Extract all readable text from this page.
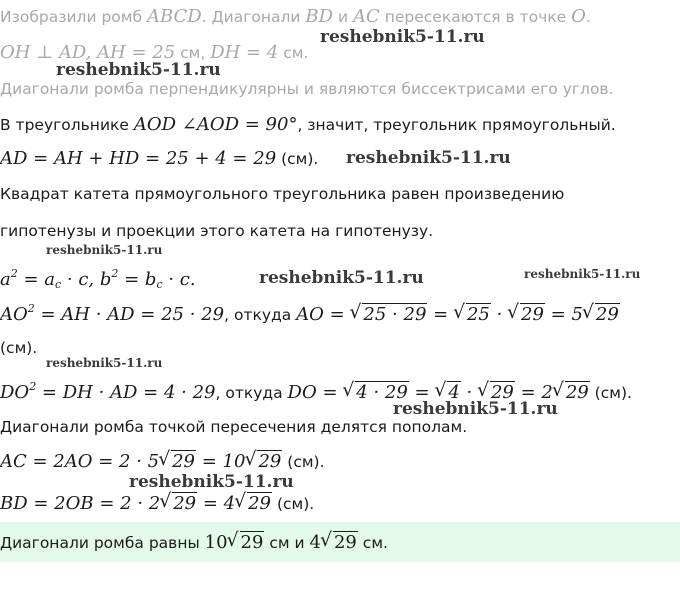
Изобразили ромб ABCD. Диагонали BD и AC пересекаются в точке O.
OH ⊥ AD, AH = 25 см, DH = 4 см.
Диагонали ромба перпендикулярны и являются биссектрисами его углов.
В треугольнике AOD ∠AOD = 90°, значит, треугольник прямоугольный.
AD = AH + HD = 25 + 4 = 29 (см).
Квадрат катета прямоугольного треугольника равен произведению
гипотенузы и проекции этого катета на гипотенузу.
$a^2 = a_c \cdot c$, $b^2 = b_c \cdot c$.
$AO^2$ = AH · AD = 25 · 29, откуда AO = √ 25 · 29 = √ 25 · √ 29 = 5 √ 29
(см).
$DO^2$ = DH · AD = 4 · 29, откуда DO = √ 4 · 29 = √ 4 · √ 29 = 2 √ 29 (см).
Диагонали ромба точкой пересечения делятся пополам.
AC = 2AO = 2 · 5 √ 29 = 10 √ 29 (см).
BD = 2OB = 2 · 2 √ 29 = 4 √ 29 (см).
Диагонали ромба равны 10 √ 29 см и 4 √ 29 см.
reshebnik5-11.ru
reshebnik5-11.ru
reshebnik5-11.ru
reshebnik5-11.ru
reshebnik5-11.ru	reshebnik5-11.ru
reshebnik5-11.ru
reshebnik5-11.ru
reshebnik5-11.ru
